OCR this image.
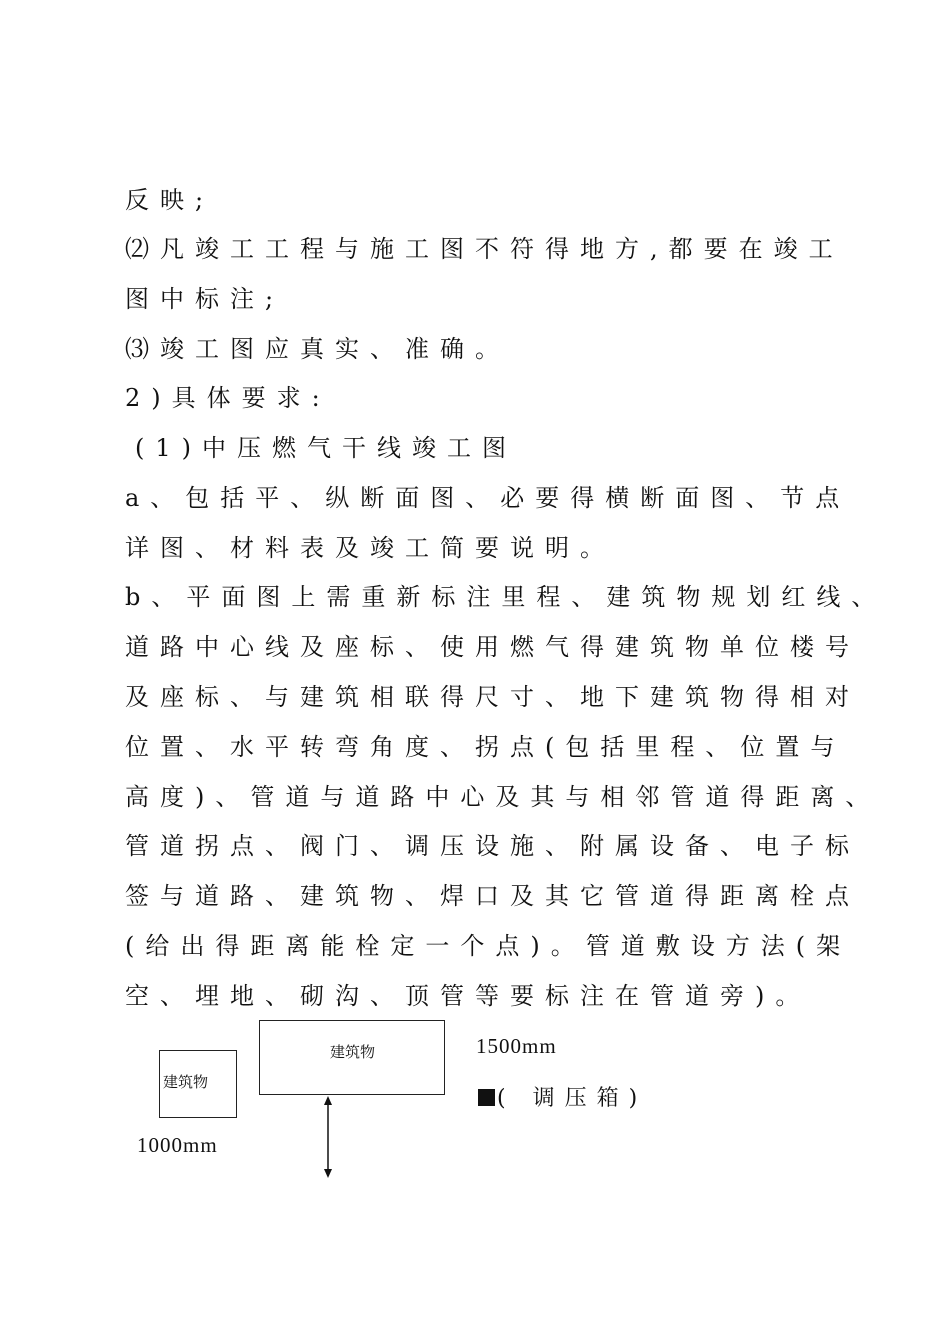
反映;
⑵凡竣工工程与施工图不符得地方,都要在竣工
图中标注;
⑶竣工图应真实、准确。
2)具体要求:
(1)中压燃气干线竣工图
a、包括平、纵断面图、必要得横断面图、节点
详图、材料表及竣工简要说明。
b、平面图上需重新标注里程、建筑物规划红线、
道路中心线及座标、使用燃气得建筑物单位楼号
及座标、与建筑相联得尺寸、地下建筑物得相对
位置、水平转弯角度、拐点(包括里程、位置与
高度)、管道与道路中心及其与相邻管道得距离、
管道拐点、阀门、调压设施、附属设备、电子标
签与道路、建筑物、焊口及其它管道得距离栓点
(给出得距离能栓定一个点)。管道敷设方法(架
空、埋地、砌沟、顶管等要标注在管道旁)。
建筑物
建筑物	1500mm
1000mm
( 调压箱)
